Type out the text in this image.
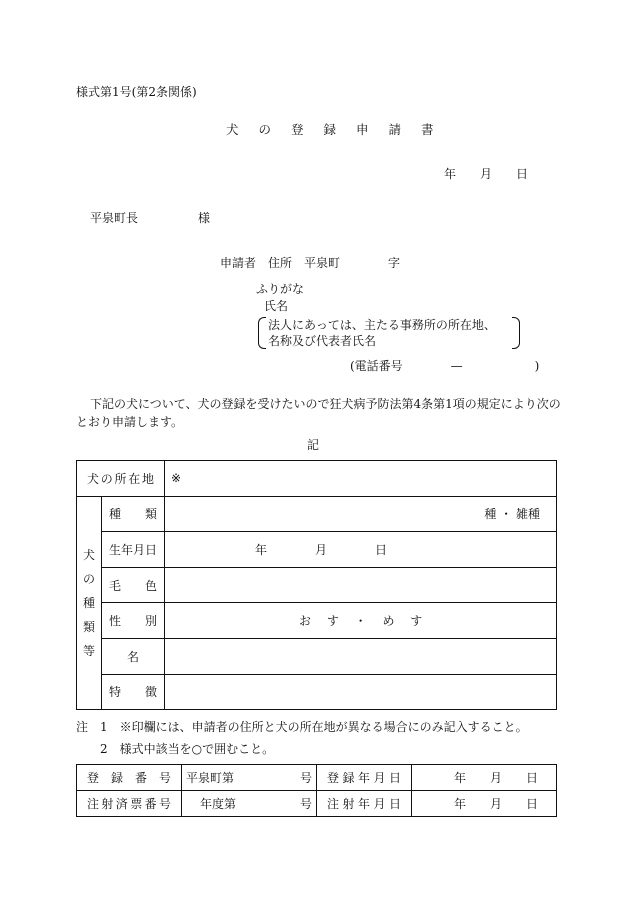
様式第1号(第2条関係)
犬の登録申請書
年　　月　　日
平泉町長　　　　　様
申請者　住所　平泉町　　　　字
ふりがな
氏名
法人にあっては、主たる事務所の所在地、
名称及び代表者氏名
(電話番号　　　　—　　　　　　)
下記の犬について、犬の登録を受けたいので狂犬病予防法第4条第1項の規定により次の
とおり申請します。
記
犬の所在地		※

犬
の
種
類
等	種　　類	種 ・ 雑種
	生年月日	年　　　　月　　　　日
	毛　　色	
	性　　別	お す ・ め す
	名	
	特　　徴	
注　1　※印欄には、申請者の住所と犬の所在地が異なる場合にのみ記入すること。
2　様式中該当を○で囲むこと。
登録番号	平泉町第 号	登録年月日	年　　月　　日
注射済票番号	年度第 号	注射年月日	年　　月　　日
